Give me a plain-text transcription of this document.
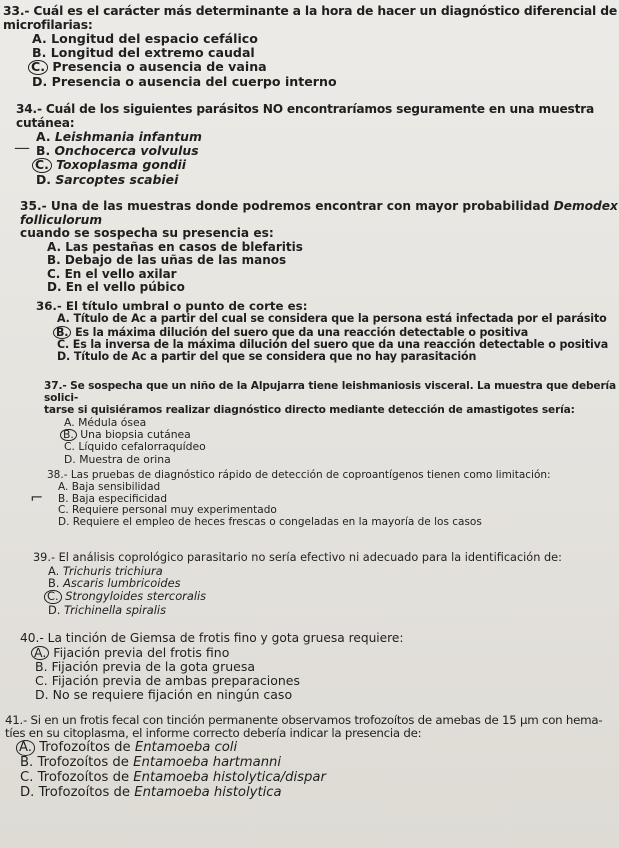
33.- Cuál es el carácter más determinante a la hora de hacer un diagnóstico diferencial de microfilarias:

A. Longitud del espacio cefálico
B. Longitud del extremo caudal
C. Presencia o ausencia de vaina
D. Presencia o ausencia del cuerpo interno

34.- Cuál de los siguientes parásitos NO encontraríamos seguramente en una muestra cutánea:

A. Leishmania infantum
B. Onchocerca volvulus
C. Toxoplasma gondii
D. Sarcoptes scabiei
—

35.- Una de las muestras donde podremos encontrar con mayor probabilidad Demodex folliculorum
cuando se sospecha su presencia es:

A. Las pestañas en casos de blefaritis
B. Debajo de las uñas de las manos
C. En el vello axilar
D. En el vello púbico

36.- El título umbral o punto de corte es:

A. Título de Ac a partir del cual se considera que la persona está infectada por el parásito
B. Es la máxima dilución del suero que da una reacción detectable o positiva
C. Es la inversa de la máxima dilución del suero que da una reacción detectable o positiva
D. Título de Ac a partir del que se considera que no hay parasitación

37.- Se sospecha que un niño de la Alpujarra tiene leishmaniosis visceral. La muestra que debería solici-
tarse si quisiéramos realizar diagnóstico directo mediante detección de amastigotes sería:

A. Médula ósea
B. Una biopsia cutánea
C. Líquido cefalorraquídeo
D. Muestra de orina

38.- Las pruebas de diagnóstico rápido de detección de coproantígenos tienen como limitación:

A. Baja sensibilidad
B. Baja especificidad
C. Requiere personal muy experimentado
D. Requiere el empleo de heces frescas o congeladas en la mayoría de los casos
⌐

39.- El análisis coprológico parasitario no sería efectivo ni adecuado para la identificación de:

A. Trichuris trichiura
B. Ascaris lumbricoides
C. Strongyloides stercoralis
D. Trichinella spiralis

40.- La tinción de Giemsa de frotis fino y gota gruesa requiere:

A. Fijación previa del frotis fino
B. Fijación previa de la gota gruesa
C. Fijación previa de ambas preparaciones
D. No se requiere fijación en ningún caso

41.- Si en un frotis fecal con tinción permanente observamos trofozoítos de amebas de 15 µm con hema-
tíes en su citoplasma, el informe correcto debería indicar la presencia de:

A. Trofozoítos de Entamoeba coli
B. Trofozoítos de Entamoeba hartmanni
C. Trofozoítos de Entamoeba histolytica/dispar
D. Trofozoítos de Entamoeba histolytica
